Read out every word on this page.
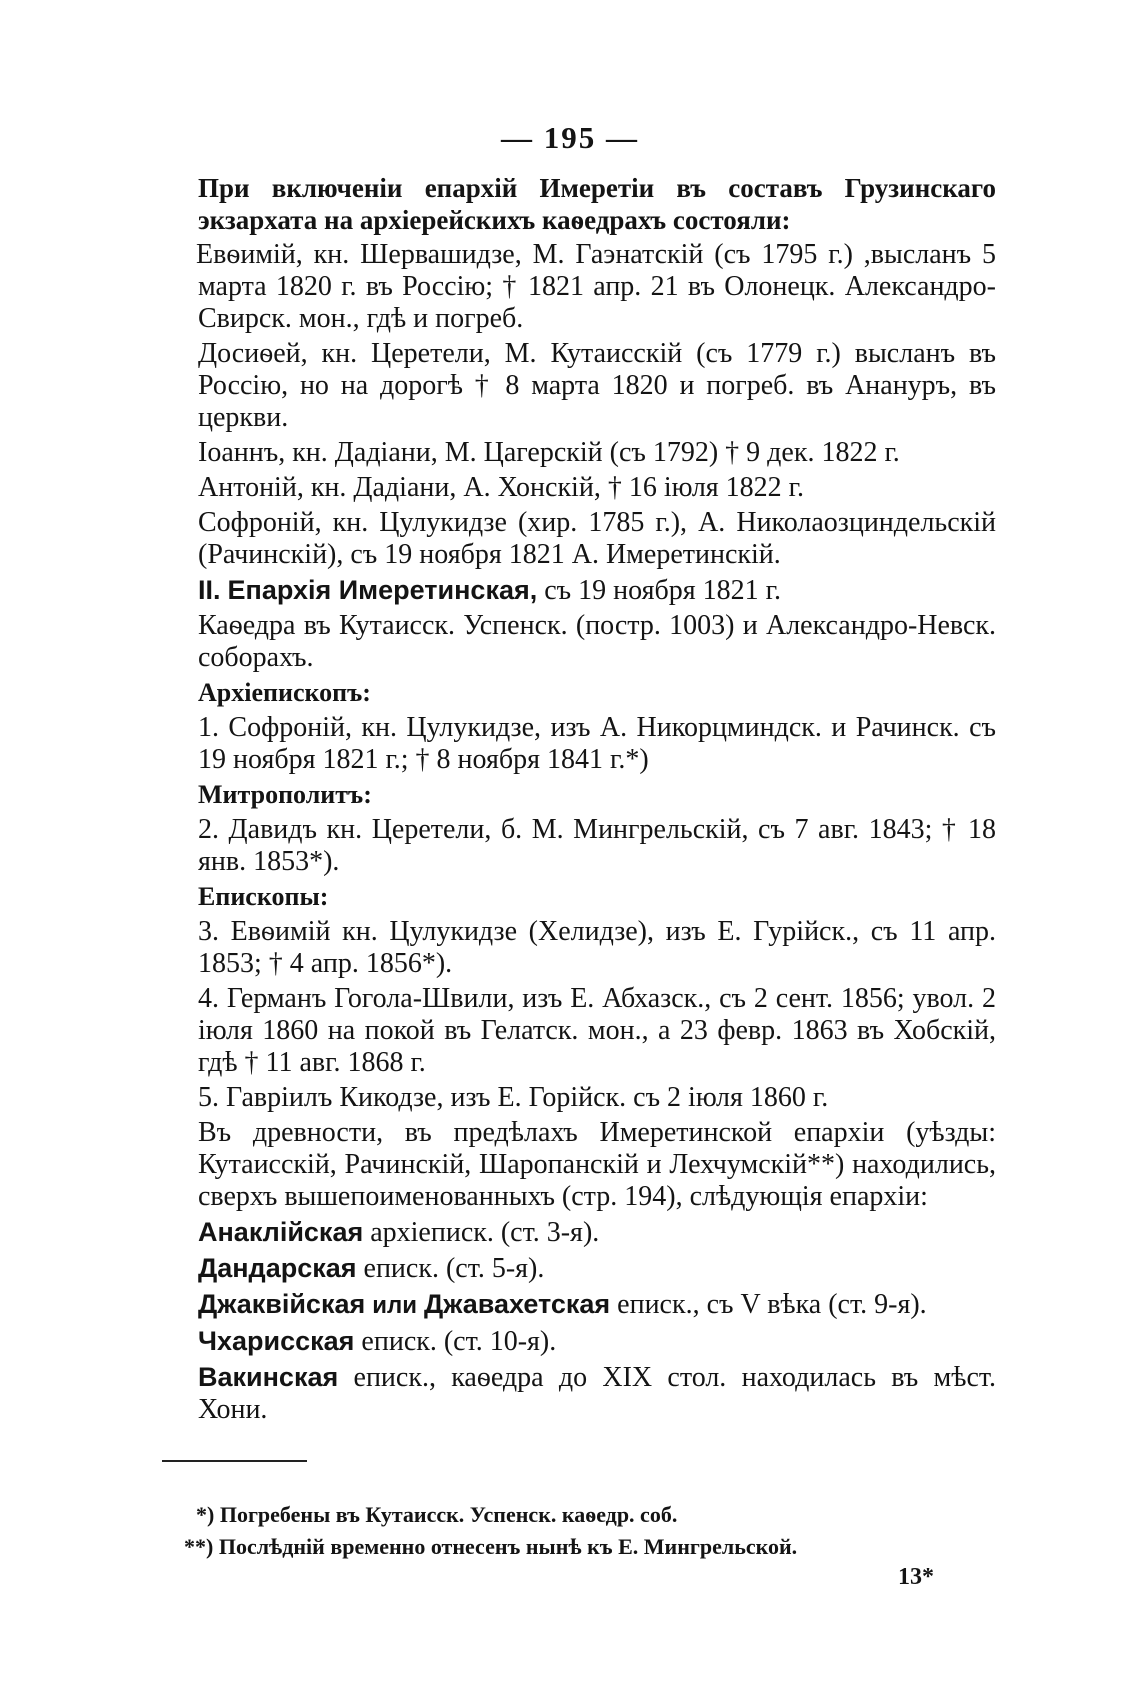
— 195 —

При включеніи епархій Имеретіи въ составъ Грузинскаго экзархата на архіерейскихъ каѳедрахъ состояли:

Евѳимій, кн. Шервашидзе, М. Гаэнатскій (съ 1795 г.) ,высланъ 5 марта 1820 г. въ Россію; † 1821 апр. 21 въ Олонецк. Александро-Свирск. мон., гдѣ и погреб.

Досиѳей, кн. Церетели, М. Кутаисскій (съ 1779 г.) высланъ въ Россію, но на дорогѣ † 8 марта 1820 и погреб. въ Анануръ, въ церкви.

Іоаннъ, кн. Дадіани, М. Цагерскій (съ 1792) † 9 дек. 1822 г.

Антоній, кн. Дадіани, А. Хонскій, † 16 іюля 1822 г.

Софроній, кн. Цулукидзе (хир. 1785 г.), А. Николаозциндельскій (Рачинскій), съ 19 ноября 1821 А. Имеретинскій.

II. Епархія Имеретинская, съ 19 ноября 1821 г.

Каѳедра въ Кутаисск. Успенск. (постр. 1003) и Александро-Невск. соборахъ.

Архіепископъ:

1. Софроній, кн. Цулукидзе, изъ А. Никорцминдск. и Рачинск. съ 19 ноября 1821 г.; † 8 ноября 1841 г.*)

Митрополитъ:

2. Давидъ кн. Церетели, б. М. Мингрельскій, съ 7 авг. 1843; † 18 янв. 1853*).

Епископы:

3. Евѳимій кн. Цулукидзе (Хелидзе), изъ Е. Гурійск., съ 11 апр. 1853; † 4 апр. 1856*).

4. Германъ Гогола-Швили, изъ Е. Абхазск., съ 2 сент. 1856; увол. 2 іюля 1860 на покой въ Гелатск. мон., а 23 февр. 1863 въ Хобскій, гдѣ † 11 авг. 1868 г.

5. Гавріилъ Кикодзе, изъ Е. Горійск. съ 2 іюля 1860 г.

Въ древности, въ предѣлахъ Имеретинской епархіи (уѣзды: Кутаисскій, Рачинскій, Шаропанскій и Лехчумскій**) находились, сверхъ вышепоименованныхъ (стр. 194), слѣдующія епархіи:

Анаклійская архіеписк. (ст. 3-я).

Дандарская еписк. (ст. 5-я).

Джаквійская или Джавахетская еписк., съ V вѣка (ст. 9-я).

Чхарисская еписк. (ст. 10-я).

Вакинская еписк., каѳедра до XIX стол. находилась въ мѣст. Хони.

*) Погребены въ Кутаисск. Успенск. каѳедр. соб.
**) Послѣдній временно отнесенъ нынѣ къ Е. Мингрельской.
13*
